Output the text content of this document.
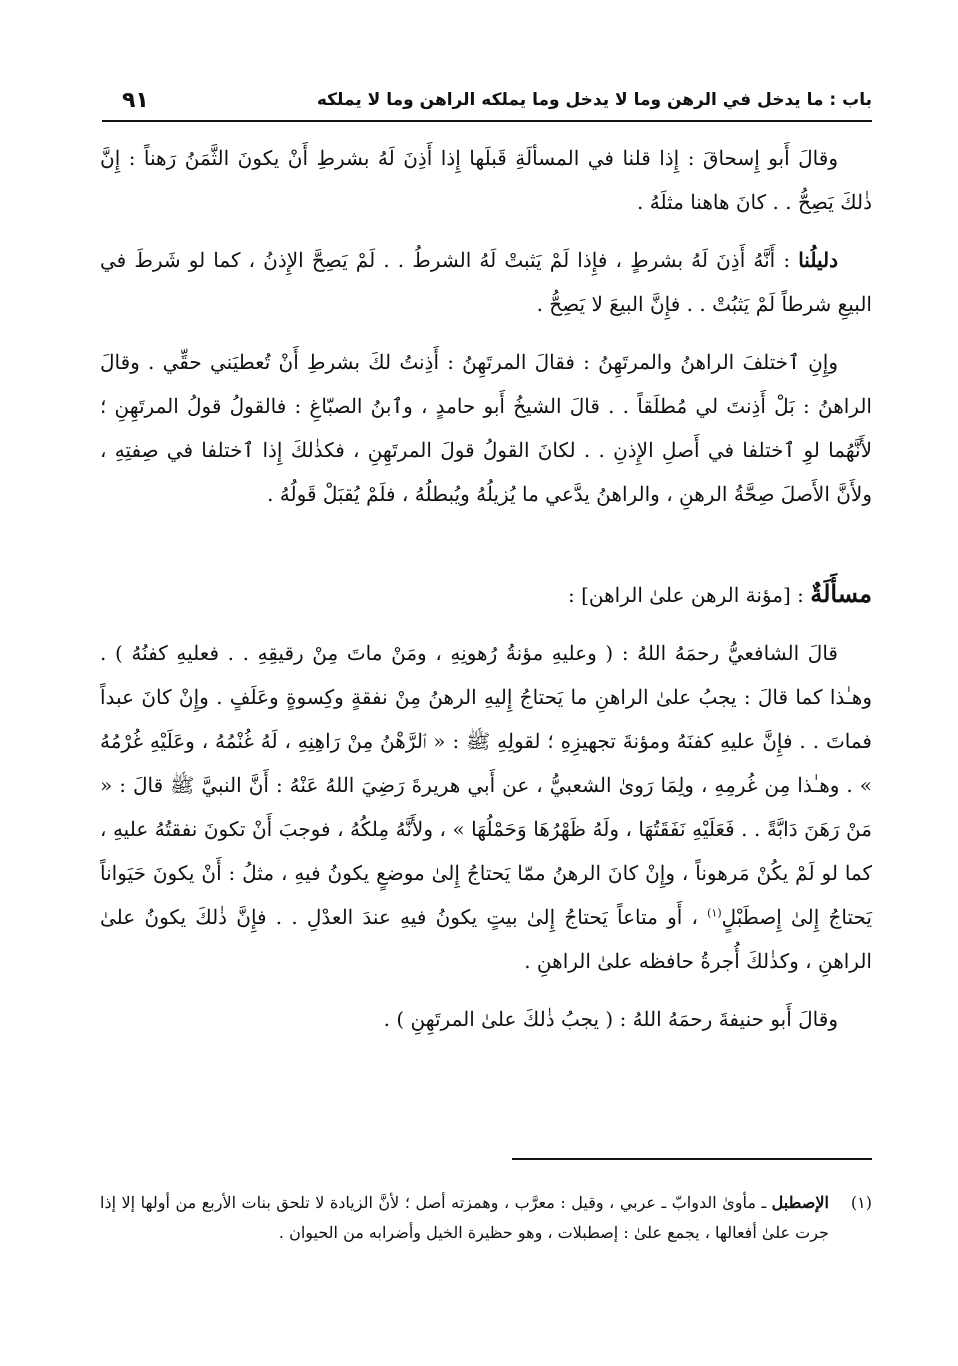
باب : ما يدخل في الرهن وما لا يدخل وما يملكه الراهن وما لا يملكه
٩١

وقالَ أَبو إِسحاقَ : إِذا قلنا في المسألَةِ قَبلَها إِذا أَذِنَ لَهُ بشرطِ أَنْ يكونَ الثَّمَنُ رَهناً : إِنَّ ذٰلكَ يَصِحُّ . . كانَ هاهنا مثلَهُ .

دليلُنا : أَنَّهُ أَذِنَ لَهُ بشرطٍ ، فإِذا لَمْ يَثبتْ لَهُ الشرطُ . . لَمْ يَصِحَّ الإِذنُ ، كما لو شَرطَ في البيعِ شرطاً لَمْ يَثبُتْ . . فإِنَّ البيعَ لا يَصِحُّ .

وإِنِ ٱختلفَ الراهنُ والمرتَهِنُ : فقالَ المرتَهِنُ : أَذِنتُ لكَ بشرطِ أَنْ تُعطيَني حقِّي . وقالَ الراهنُ : بَلْ أَذِنتَ لي مُطلَقاً . . قالَ الشيخُ أَبو حامدٍ ، وٱبنُ الصبّاغِ : فالقولُ قولُ المرتَهِنِ ؛ لأَنَّهُما لوِ ٱختلفا في أَصلِ الإِذنِ . . لكانَ القولُ قولَ المرتَهِنِ ، فكذٰلكَ إِذا ٱختلفا في صِفتِهِ ، ولأَنَّ الأَصلَ صِحَّةُ الرهنِ ، والراهنُ يدَّعي ما يُزيلُهُ ويُبطلُهُ ، فلَمْ يُقبَلْ قَولُهُ .

مسأَلَةٌ : [مؤنة الرهن علىٰ الراهن] :

قالَ الشافعيُّ رحمَهُ اللهُ : ( وعليهِ مؤنةُ رُهونِهِ ، ومَنْ ماتَ مِنْ رقيقِهِ . . فعليهِ كفنُهُ ) . وهـٰذا كما قالَ : يجبُ علىٰ الراهنِ ما يَحتاجُ إِليهِ الرهنُ مِنْ نفقةٍ وكِسوةٍ وعَلَفٍ . وإِنْ كانَ عبداً فماتَ . . فإِنَّ عليهِ كفنَهُ ومؤنةَ تجهيزِهِ ؛ لقولِهِ ﷺ : « ٱلرَّهْنُ مِنْ رَاهِنِهِ ، لَهُ غُنْمُهُ ، وعَلَيْهِ غُرْمُهُ » . وهـٰذا مِن غُرمِهِ ، ولِمَا رَوىٰ الشعبيُّ ، عن أَبي هريرةَ رَضِيَ اللهُ عَنْهُ : أَنَّ النبيَّ ﷺ قالَ : « مَنْ رَهَنَ دَابَّةً . . فَعَلَيْهِ نَفَقَتُهَا ، ولَهُ ظَهْرُهَا وَحَمْلُهَا » ، ولأَنَّهُ مِلكُهُ ، فوجبَ أَنْ تكونَ نفقتُهُ عليهِ ، كما لو لَمْ يكُنْ مَرهوناً ، وإِنْ كانَ الرهنُ ممّا يَحتاجُ إِلىٰ موضعٍ يكونُ فيهِ ، مثلُ : أَنْ يكونَ حَيَواناً يَحتاجُ إِلىٰ إِصطَبْلٍ$^{(١)}$ ، أَو متاعاً يَحتاجُ إِلىٰ بيتٍ يكونُ فيهِ عندَ العدْلِ . . فإِنَّ ذٰلكَ يكونُ علىٰ الراهنِ ، وكذٰلكَ أُجرةُ حافظه علىٰ الراهنِ .

وقالَ أَبو حنيفةَ رحمَهُ اللهُ : ( يجبُ ذٰلكَ علىٰ المرتَهِنِ ) .

(١)
الإصطبل ـ مأوىٰ الدوابّ ـ عربي ، وقيل : معرَّب ، وهمزته أصل ؛ لأنَّ الزيادة لا تلحق بنات الأربع من أولها إلا إذا جرت علىٰ أفعالها ، يجمع علىٰ : إصطبلات ، وهو حظيرة الخيل وأضرابه من الحيوان .
